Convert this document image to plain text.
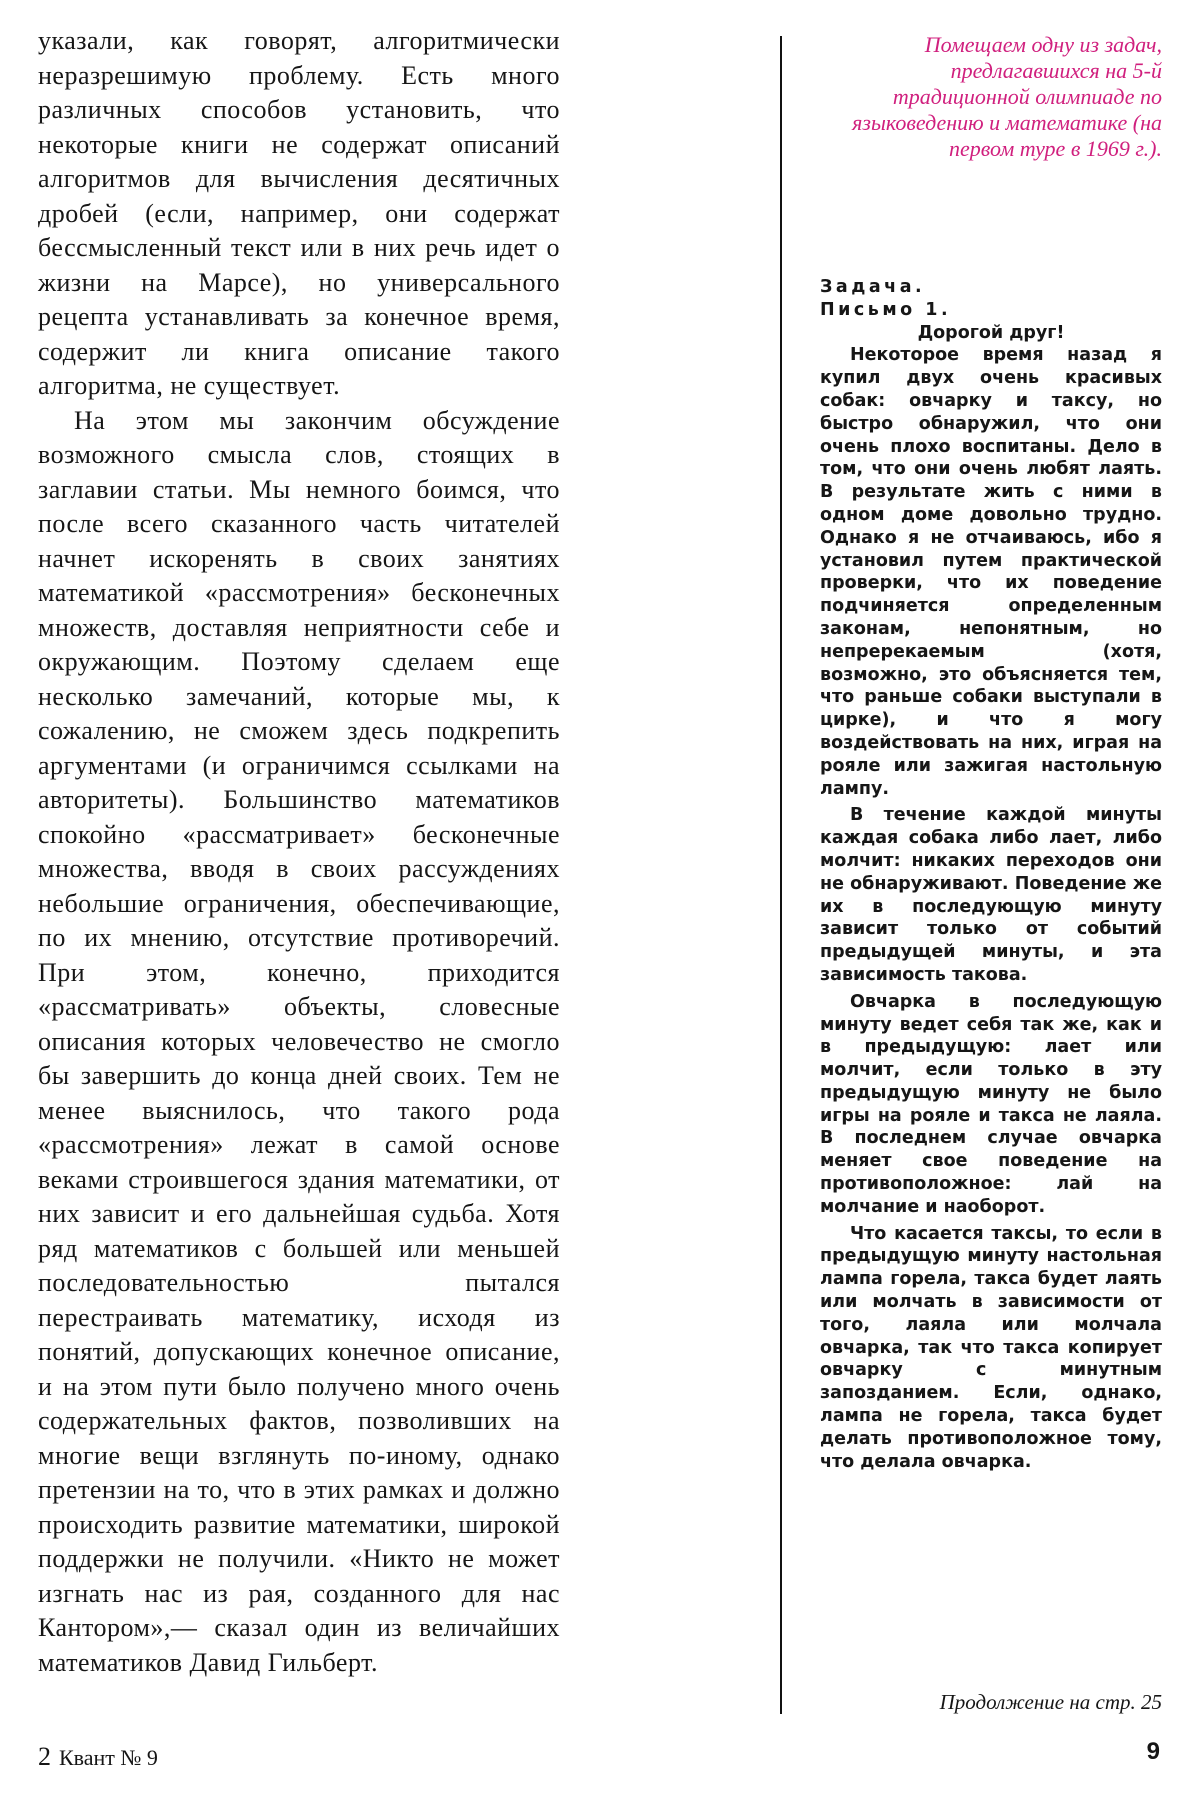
указали, как говорят, алгоритмически неразрешимую проблему. Есть много различных способов установить, что некоторые книги не содержат описаний алгоритмов для вычисления десятичных дробей (если, например, они содержат бессмысленный текст или в них речь идет о жизни на Марсе), но универсального рецепта устанавливать за конечное время, содержит ли книга описание такого алгоритма, не существует.

На этом мы закончим обсуждение возможного смысла слов, стоящих в заглавии статьи. Мы немного боимся, что после всего сказанного часть читателей начнет искоренять в своих занятиях математикой «рассмотрения» бесконечных множеств, доставляя неприятности себе и окружающим. Поэтому сделаем еще несколько замечаний, которые мы, к сожалению, не сможем здесь подкрепить аргументами (и ограничимся ссылками на авторитеты). Большинство математиков спокойно «рассматривает» бесконечные множества, вводя в своих рассуждениях небольшие ограничения, обеспечивающие, по их мнению, отсутствие противоречий. При этом, конечно, приходится «рассматривать» объекты, словесные описания которых человечество не смогло бы завершить до конца дней своих. Тем не менее выяснилось, что такого рода «рассмотрения» лежат в самой основе веками строившегося здания математики, от них зависит и его дальнейшая судьба. Хотя ряд математиков с большей или меньшей последовательностью пытался перестраивать математику, исходя из понятий, допускающих конечное описание, и на этом пути было получено много очень содержательных фактов, позволивших на многие вещи взглянуть по-иному, однако претензии на то, что в этих рамках и должно происходить развитие математики, широкой поддержки не получили. «Никто не может изгнать нас из рая, созданного для нас Кантором»,— сказал один из величайших математиков Давид Гильберт.

Помещаем одну из задач, предлагавшихся на 5-й традиционной олимпиаде по языковедению и математике (на первом туре в 1969 г.).

Задача.

Письмо 1.

Дорогой друг!

Некоторое время назад я купил двух очень красивых собак: овчарку и таксу, но быстро обнаружил, что они очень плохо воспитаны. Дело в том, что они очень любят лаять. В результате жить с ними в одном доме довольно трудно. Однако я не отчаиваюсь, ибо я установил путем практической проверки, что их поведение подчиняется определенным законам, непонятным, но непререкаемым (хотя, возможно, это объясняется тем, что раньше собаки выступали в цирке), и что я могу воздействовать на них, играя на рояле или зажигая настольную лампу.

В течение каждой минуты каждая собака либо лает, либо молчит: никаких переходов они не обнаруживают. Поведение же их в последующую минуту зависит только от событий предыдущей минуты, и эта зависимость такова.

Овчарка в последующую минуту ведет себя так же, как и в предыдущую: лает или молчит, если только в эту предыдущую минуту не было игры на рояле и такса не лаяла. В последнем случае овчарка меняет свое поведение на противоположное: лай на молчание и наоборот.

Что касается таксы, то если в предыдущую минуту настольная лампа горела, такса будет лаять или молчать в зависимости от того, лаяла или молчала овчарка, так что такса копирует овчарку с минутным запозданием. Если, однако, лампа не горела, такса будет делать противоположное тому, что делала овчарка.

Продолжение на стр. 25

2 Квант № 9	9
